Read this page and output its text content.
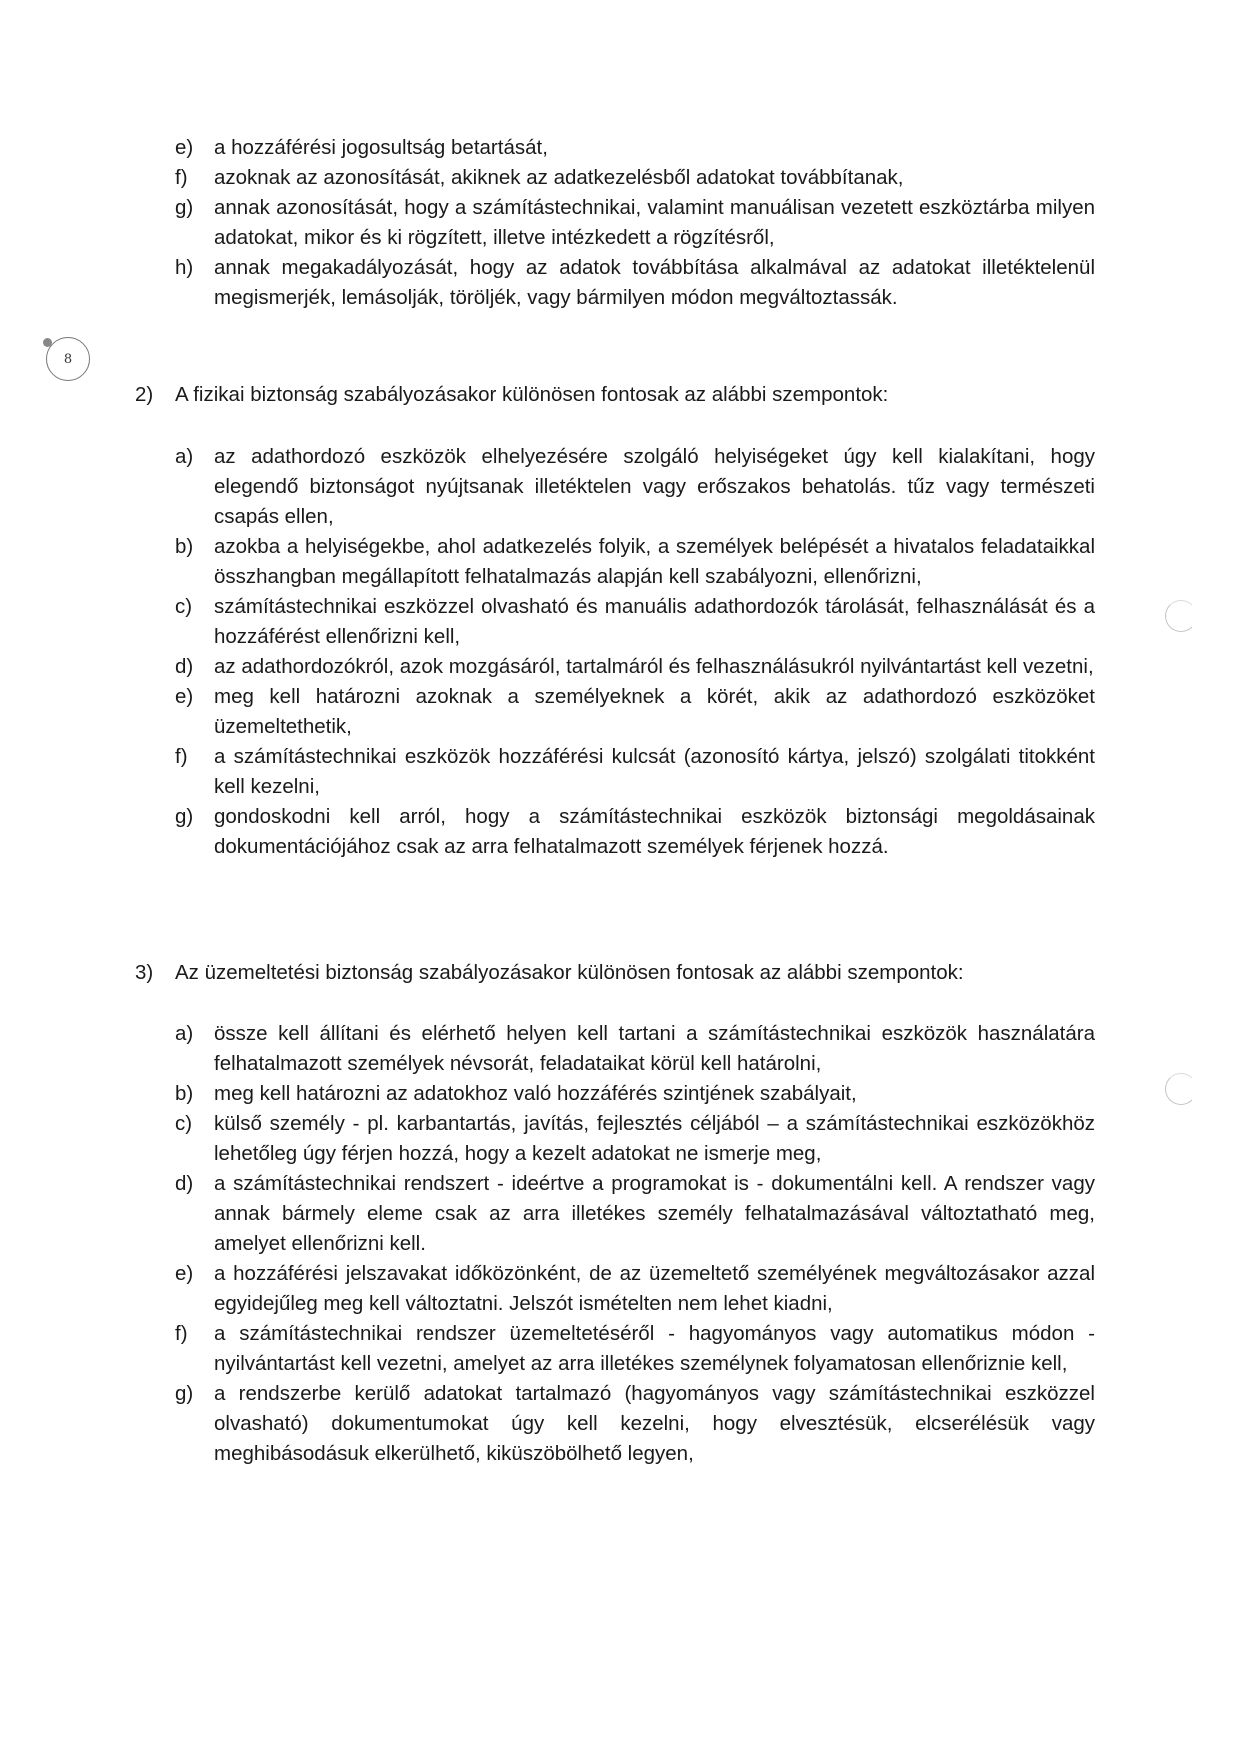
8
e) a hozzáférési jogosultság betartását,
f) azoknak az azonosítását, akiknek az adatkezelésből adatokat továbbítanak,
g) annak azonosítását, hogy a számítástechnikai, valamint manuálisan vezetett eszköztárba milyen adatokat, mikor és ki rögzített, illetve intézkedett a rögzítésről,
h) annak megakadályozását, hogy az adatok továbbítása alkalmával az adatokat illetéktelenül megismerjék, lemásolják, töröljék, vagy bármilyen módon megváltoztassák.
2) A fizikai biztonság szabályozásakor különösen fontosak az alábbi szempontok:
a) az adathordozó eszközök elhelyezésére szolgáló helyiségeket úgy kell kialakítani, hogy elegendő biztonságot nyújtsanak illetéktelen vagy erőszakos behatolás. tűz vagy természeti csapás ellen,
b) azokba a helyiségekbe, ahol adatkezelés folyik, a személyek belépését a hivatalos feladataikkal összhangban megállapított felhatalmazás alapján kell szabályozni, ellenőrizni,
c) számítástechnikai eszközzel olvasható és manuális adathordozók tárolását, felhasználását és a hozzáférést ellenőrizni kell,
d) az adathordozókról, azok mozgásáról, tartalmáról és felhasználásukról nyilvántartást kell vezetni,
e) meg kell határozni azoknak a személyeknek a körét, akik az adathordozó eszközöket üzemeltethetik,
f) a számítástechnikai eszközök hozzáférési kulcsát (azonosító kártya, jelszó) szolgálati titokként kell kezelni,
g) gondoskodni kell arról, hogy a számítástechnikai eszközök biztonsági megoldásainak dokumentációjához csak az arra felhatalmazott személyek férjenek hozzá.
3) Az üzemeltetési biztonság szabályozásakor különösen fontosak az alábbi szempontok:
a) össze kell állítani és elérhető helyen kell tartani a számítástechnikai eszközök használatára felhatalmazott személyek névsorát, feladataikat körül kell határolni,
b) meg kell határozni az adatokhoz való hozzáférés szintjének szabályait,
c) külső személy - pl. karbantartás, javítás, fejlesztés céljából – a számítástechnikai eszközökhöz lehetőleg úgy férjen hozzá, hogy a kezelt adatokat ne ismerje meg,
d) a számítástechnikai rendszert - ideértve a programokat is - dokumentálni kell. A rendszer vagy annak bármely eleme csak az arra illetékes személy felhatalmazásával változtatható meg, amelyet ellenőrizni kell.
e) a hozzáférési jelszavakat időközönként, de az üzemeltető személyének megváltozásakor azzal egyidejűleg meg kell változtatni. Jelszót ismételten nem lehet kiadni,
f) a számítástechnikai rendszer üzemeltetéséről - hagyományos vagy automatikus módon -nyilvántartást kell vezetni, amelyet az arra illetékes személynek folyamatosan ellenőriznie kell,
g) a rendszerbe kerülő adatokat tartalmazó (hagyományos vagy számítástechnikai eszközzel olvasható) dokumentumokat úgy kell kezelni, hogy elvesztésük, elcserélésük vagy meghibásodásuk elkerülhető, kiküszöbölhető legyen,
